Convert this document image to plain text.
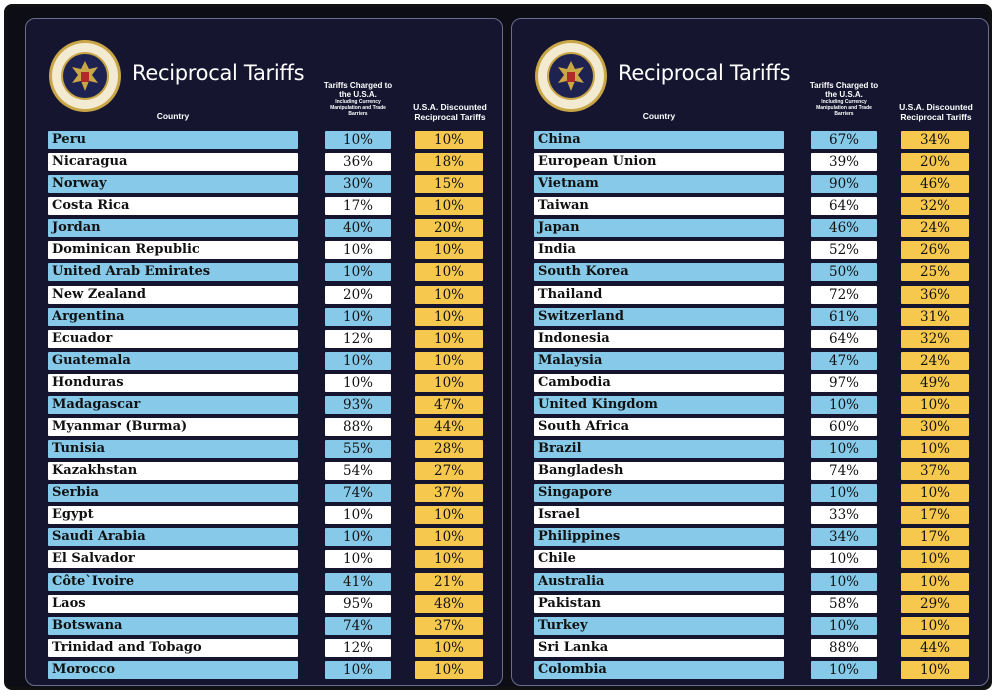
Reciprocal Tariffs
Tariffs Charged to the U.S.A.
Including Currency Manipulation and Trade Barriers
Country
U.S.A. Discounted Reciprocal Tariffs
Peru	10%	10%
Nicaragua	36%	18%
Norway	30%	15%
Costa Rica	17%	10%
Jordan	40%	20%
Dominican Republic	10%	10%
United Arab Emirates	10%	10%
New Zealand	20%	10%
Argentina	10%	10%
Ecuador	12%	10%
Guatemala	10%	10%
Honduras	10%	10%
Madagascar	93%	47%
Myanmar (Burma)	88%	44%
Tunisia	55%	28%
Kazakhstan	54%	27%
Serbia	74%	37%
Egypt	10%	10%
Saudi Arabia	10%	10%
El Salvador	10%	10%
Côte`Ivoire	41%	21%
Laos	95%	48%
Botswana	74%	37%
Trinidad and Tobago	12%	10%
Morocco	10%	10%
Reciprocal Tariffs
Tariffs Charged to the U.S.A.
Including Currency Manipulation and Trade Barriers
Country
U.S.A. Discounted Reciprocal Tariffs
China	67%	34%
European Union	39%	20%
Vietnam	90%	46%
Taiwan	64%	32%
Japan	46%	24%
India	52%	26%
South Korea	50%	25%
Thailand	72%	36%
Switzerland	61%	31%
Indonesia	64%	32%
Malaysia	47%	24%
Cambodia	97%	49%
United Kingdom	10%	10%
South Africa	60%	30%
Brazil	10%	10%
Bangladesh	74%	37%
Singapore	10%	10%
Israel	33%	17%
Philippines	34%	17%
Chile	10%	10%
Australia	10%	10%
Pakistan	58%	29%
Turkey	10%	10%
Sri Lanka	88%	44%
Colombia	10%	10%
